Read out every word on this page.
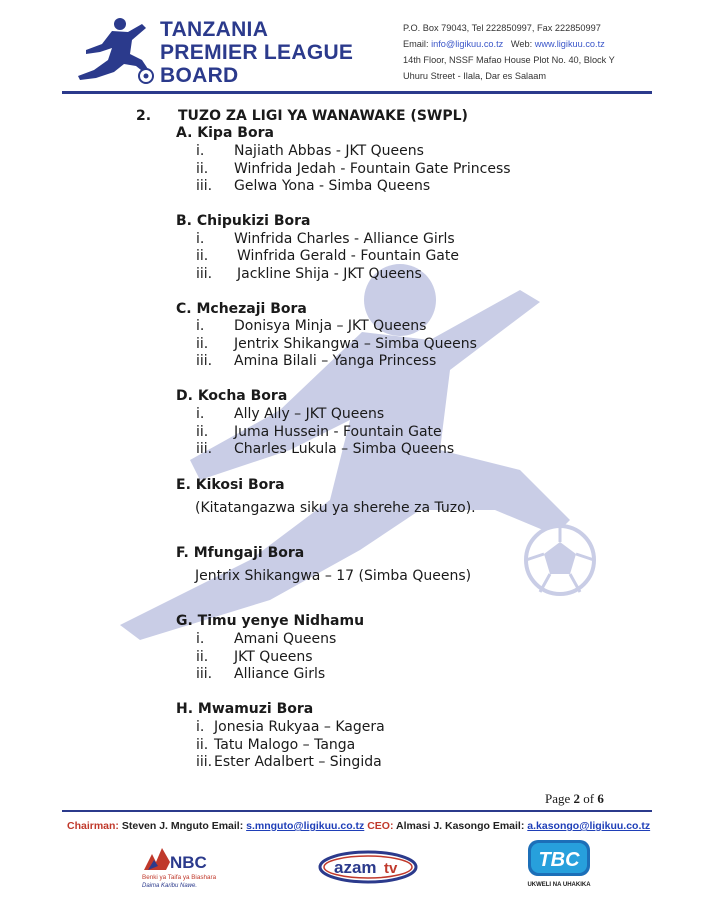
TANZANIA
PREMIER LEAGUE
BOARD
P.O. Box 79043, Tel 222850997, Fax 222850997
Email: info@ligikuu.co.tz Web: www.ligikuu.co.tz
14th Floor, NSSF Mafao House Plot No. 40, Block Y
Uhuru Street - Ilala, Dar es Salaam
2. TUZO ZA LIGI YA WANAWAKE (SWPL)
A. Kipa Bora
i. Najiath Abbas - JKT Queens
ii. Winfrida Jedah - Fountain Gate Princess
iii. Gelwa Yona - Simba Queens
B. Chipukizi Bora
i. Winfrida Charles - Alliance Girls
ii. Winfrida Gerald - Fountain Gate
iii. Jackline Shija - JKT Queens
C. Mchezaji Bora
i. Donisya Minja – JKT Queens
ii. Jentrix Shikangwa – Simba Queens
iii. Amina Bilali – Yanga Princess
D. Kocha Bora
i. Ally Ally – JKT Queens
ii. Juma Hussein - Fountain Gate
iii. Charles Lukula – Simba Queens
E. Kikosi Bora
(Kitatangazwa siku ya sherehe za Tuzo).
F. Mfungaji Bora
Jentrix Shikangwa – 17 (Simba Queens)
G. Timu yenye Nidhamu
i. Amani Queens
ii. JKT Queens
iii. Alliance Girls
H. Mwamuzi Bora
i. Jonesia Rukyaa – Kagera
ii. Tatu Malogo – Tanga
iii. Ester Adalbert – Singida
Page 2 of 6
Chairman: Steven J. Mnguto Email: s.mnguto@ligikuu.co.tz CEO: Almasi J. Kasongo Email: a.kasongo@ligikuu.co.tz
NBC
Benki ya Taifa ya Biashara
Daima Karibu Nawe.
azam tv	TBC
UKWELI NA UHAKIKA
